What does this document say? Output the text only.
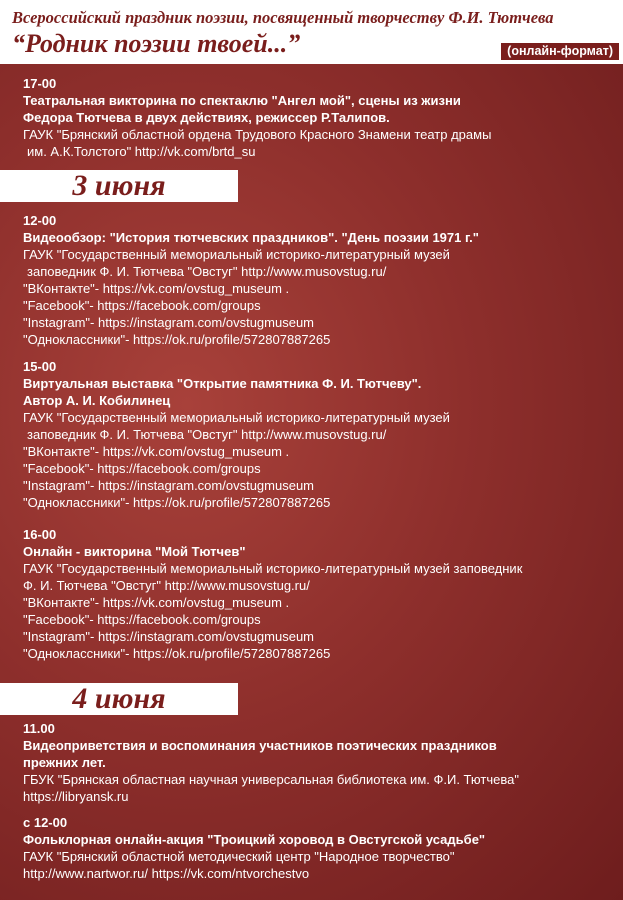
Всероссийский праздник поэзии, посвященный творчеству Ф.И. Тютчева
“Родник поэзии твоей...”	(онлайн-формат)
17-00
Театральная викторина по спектаклю "Ангел мой", сцены из жизни
Федора Тютчева в двух действиях, режиссер Р.Талипов.
ГАУК "Брянский областной ордена Трудового Красного Знамени театр драмы
им. А.К.Толстого" http://vk.com/brtd_su
3 июня
12-00
Видеообзор: "История тютчевских праздников". "День поэзии 1971 г."
ГАУК "Государственный мемориальный историко-литературный музей
заповедник Ф. И. Тютчева "Овстуг" http://www.musovstug.ru/
"ВКонтакте"- https://vk.com/ovstug_museum .
"Facebook"- https://facebook.com/groups
"Instagram"- https://instagram.com/ovstugmuseum
"Одноклассники"- https://ok.ru/profile/572807887265
15-00
Виртуальная выставка "Открытие памятника Ф. И. Тютчеву".
Автор А. И. Кобилинец
ГАУК "Государственный мемориальный историко-литературный музей
заповедник Ф. И. Тютчева "Овстуг" http://www.musovstug.ru/
"ВКонтакте"- https://vk.com/ovstug_museum .
"Facebook"- https://facebook.com/groups
"Instagram"- https://instagram.com/ovstugmuseum
"Одноклассники"- https://ok.ru/profile/572807887265
16-00
Онлайн - викторина "Мой Тютчев"
ГАУК "Государственный мемориальный историко-литературный музей заповедник
Ф. И. Тютчева "Овстуг" http://www.musovstug.ru/
"ВКонтакте"- https://vk.com/ovstug_museum .
"Facebook"- https://facebook.com/groups
"Instagram"- https://instagram.com/ovstugmuseum
"Одноклассники"- https://ok.ru/profile/572807887265
4 июня
11.00
Видеоприветствия и воспоминания участников поэтических праздников
прежних лет.
ГБУК "Брянская областная научная универсальная библиотека им. Ф.И. Тютчева"
https://libryansk.ru
с 12-00
Фольклорная онлайн-акция "Троицкий хоровод в Овстугской усадьбе"
ГАУК "Брянский областной методический центр "Народное творчество"
http://www.nartwor.ru/ https://vk.com/ntvorchestvo
